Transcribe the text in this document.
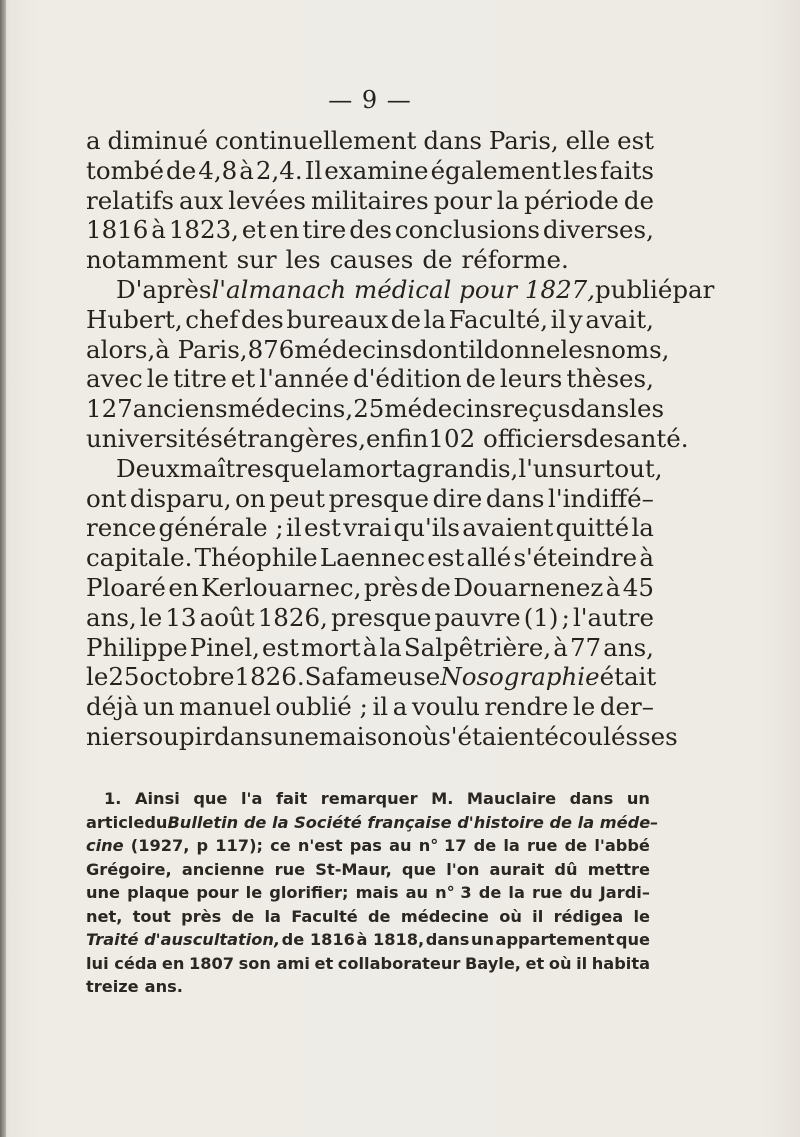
— 9 —
a diminué continuellement dans Paris, elle est
tombé de 4,8 à 2,4. Il examine également les faits
relatifs aux levées militaires pour la période de
1816 à 1823, et en tire des conclusions diverses,
notamment sur les causes de réforme.
D'après l'almanach médical pour 1827, publié par
Hubert, chef des bureaux de la Faculté, il y avait,
alors, à Paris, 876 médecins dont il donne les noms,
avec le titre et l'année d'édition de leurs thèses,
127 anciens médecins, 25 médecins reçus dans les
universités étrangères, enfin 102 officiers de santé.
Deux maîtres que la mort a grandis, l'un surtout,
ont disparu, on peut presque dire dans l'indiffé–
rence générale ; il est vrai qu'ils avaient quitté la
capitale. Théophile Laennec est allé s'éteindre à
Ploaré en Kerlouarnec, près de Douarnenez à 45
ans, le 13 août 1826, presque pauvre (1) ; l'autre
Philippe Pinel, est mort à la Salpêtrière, à 77 ans,
le 25 octobre 1826. Sa fameuse Nosographie était
déjà un manuel oublié ; il a voulu rendre le der–
nier soupir dans une maison où s'étaient écoulés ses
1. Ainsi que l'a fait remarquer M. Mauclaire dans un
article du Bulletin de la Société française d'histoire de la méde–
cine (1927, p 117); ce n'est pas au n° 17 de la rue de l'abbé
Grégoire, ancienne rue St-Maur, que l'on aurait dû mettre
une plaque pour le glorifier; mais au n° 3 de la rue du Jardi–
net, tout près de la Faculté de médecine où il rédigea le
Traité d'auscultation, de 1816 à 1818, dans un appartement que
lui céda en 1807 son ami et collaborateur Bayle, et où il habita
treize ans.
